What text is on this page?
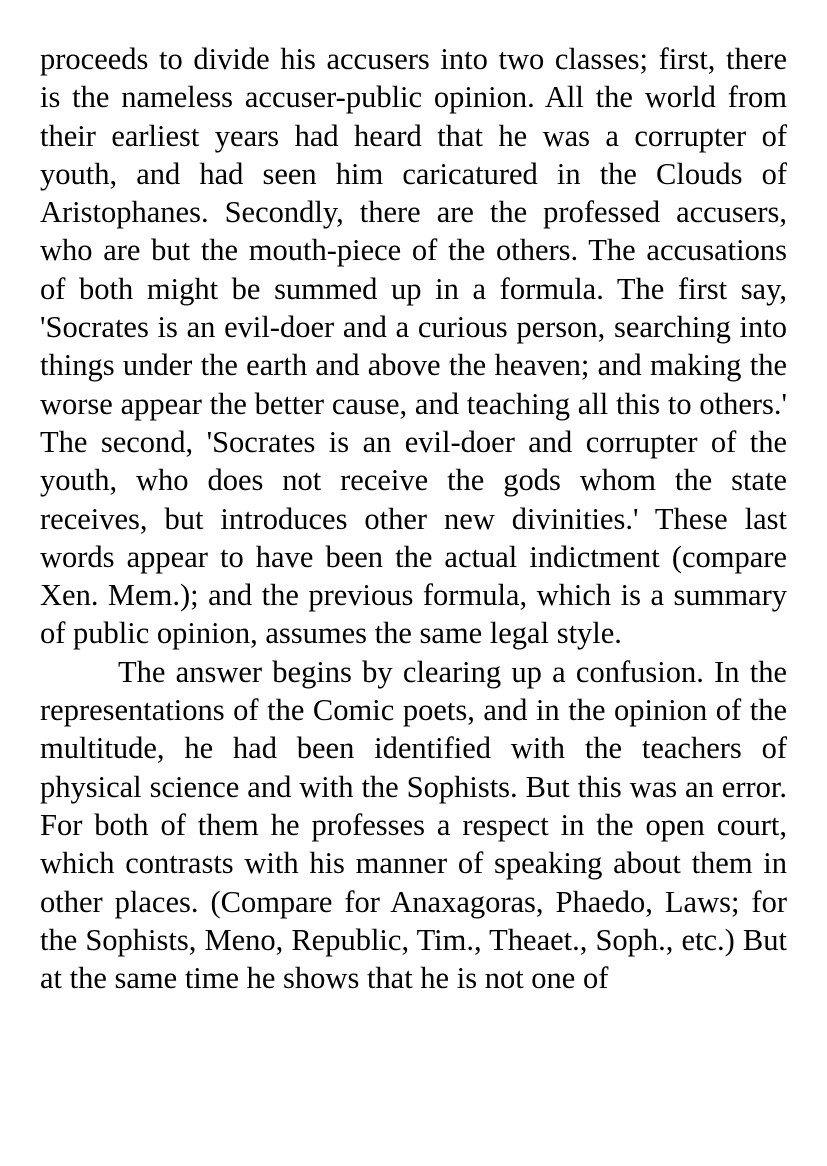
proceeds to divide his accusers into two classes; first, there is the nameless accuser-public opinion. All the world from their earliest years had heard that he was a corrupter of youth, and had seen him caricatured in the Clouds of Aristophanes. Secondly, there are the professed accusers, who are but the mouth-piece of the others. The accusations of both might be summed up in a formula. The first say, 'Socrates is an evil-doer and a curious person, searching into things under the earth and above the heaven; and making the worse appear the better cause, and teaching all this to others.' The second, 'Socrates is an evil-doer and corrupter of the youth, who does not receive the gods whom the state receives, but introduces other new divinities.' These last words appear to have been the actual indictment (compare Xen. Mem.); and the previous formula, which is a summary of public opinion, assumes the same legal style.

The answer begins by clearing up a confusion. In the representations of the Comic poets, and in the opinion of the multitude, he had been identified with the teachers of physical science and with the Sophists. But this was an error. For both of them he professes a respect in the open court, which contrasts with his manner of speaking about them in other places. (Compare for Anaxagoras, Phaedo, Laws; for the Sophists, Meno, Republic, Tim., Theaet., Soph., etc.) But at the same time he shows that he is not one of
